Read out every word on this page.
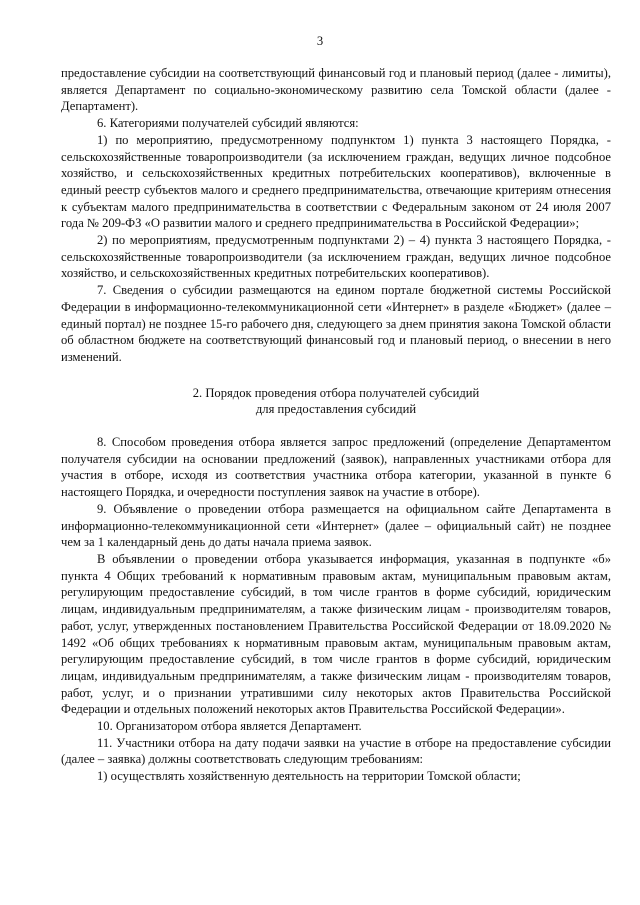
3

предоставление субсидии на соответствующий финансовый год и плановый период (далее - лимиты), является Департамент по социально-экономическому развитию села Томской области (далее - Департамент).

6. Категориями получателей субсидий являются:

1) по мероприятию, предусмотренному подпунктом 1) пункта 3 настоящего Порядка, - сельскохозяйственные товаропроизводители (за исключением граждан, ведущих личное подсобное хозяйство, и сельскохозяйственных кредитных потребительских кооперативов), включенные в единый реестр субъектов малого и среднего предпринимательства, отвечающие критериям отнесения к субъектам малого предпринимательства в соответствии с Федеральным законом от 24 июля 2007 года № 209-ФЗ «О развитии малого и среднего предпринимательства в Российской Федерации»;

2) по мероприятиям, предусмотренным подпунктами 2) – 4) пункта 3 настоящего Порядка, - сельскохозяйственные товаропроизводители (за исключением граждан, ведущих личное подсобное хозяйство, и сельскохозяйственных кредитных потребительских кооперативов).

7. Сведения о субсидии размещаются на едином портале бюджетной системы Российской Федерации в информационно-телекоммуникационной сети «Интернет» в разделе «Бюджет» (далее – единый портал) не позднее 15-го рабочего дня, следующего за днем принятия закона Томской области об областном бюджете на соответствующий финансовый год и плановый период, о внесении в него изменений.

2. Порядок проведения отбора получателей субсидий
для предоставления субсидий

8. Способом проведения отбора является запрос предложений (определение Департаментом получателя субсидии на основании предложений (заявок), направленных участниками отбора для участия в отборе, исходя из соответствия участника отбора категории, указанной в пункте 6 настоящего Порядка, и очередности поступления заявок на участие в отборе).

9. Объявление о проведении отбора размещается на официальном сайте Департамента в информационно-телекоммуникационной сети «Интернет» (далее – официальный сайт) не позднее чем за 1 календарный день до даты начала приема заявок.

В объявлении о проведении отбора указывается информация, указанная в подпункте «б» пункта 4 Общих требований к нормативным правовым актам, муниципальным правовым актам, регулирующим предоставление субсидий, в том числе грантов в форме субсидий, юридическим лицам, индивидуальным предпринимателям, а также физическим лицам - производителям товаров, работ, услуг, утвержденных постановлением Правительства Российской Федерации от 18.09.2020 № 1492 «Об общих требованиях к нормативным правовым актам, муниципальным правовым актам, регулирующим предоставление субсидий, в том числе грантов в форме субсидий, юридическим лицам, индивидуальным предпринимателям, а также физическим лицам - производителям товаров, работ, услуг, и о признании утратившими силу некоторых актов Правительства Российской Федерации и отдельных положений некоторых актов Правительства Российской Федерации».

10. Организатором отбора является Департамент.

11. Участники отбора на дату подачи заявки на участие в отборе на предоставление субсидии (далее – заявка) должны соответствовать следующим требованиям:

1) осуществлять хозяйственную деятельность на территории Томской области;
